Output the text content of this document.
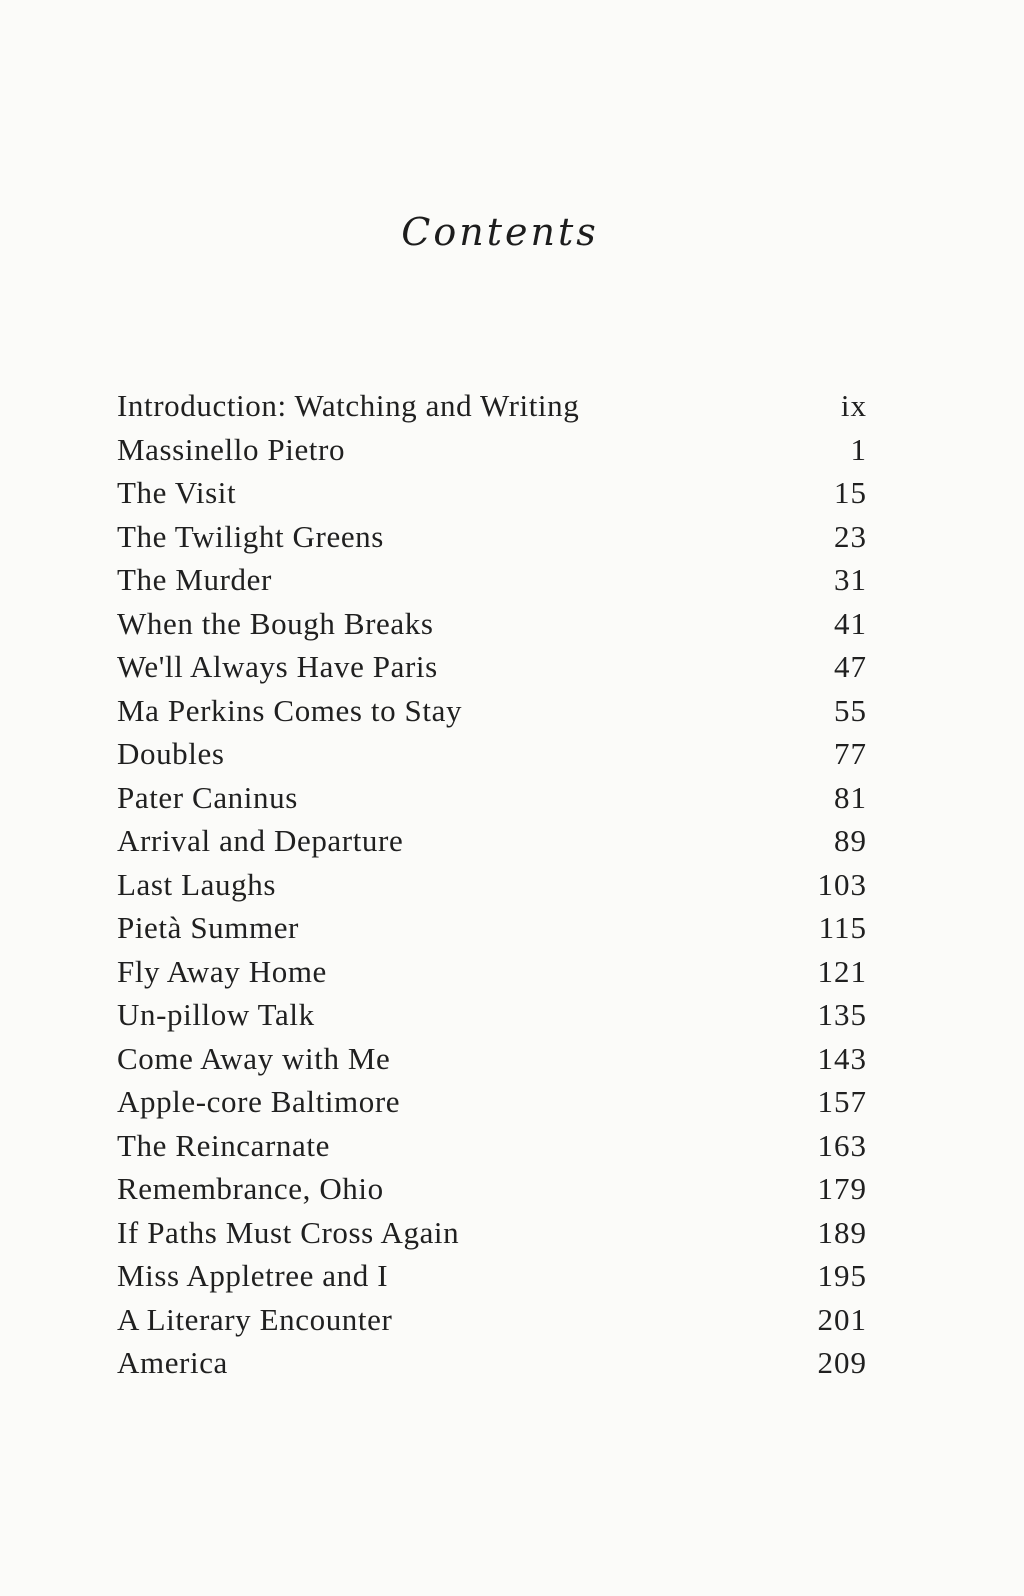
Contents
Introduction: Watching and Writing	ix
Massinello Pietro	1
The Visit	15
The Twilight Greens	23
The Murder	31
When the Bough Breaks	41
We'll Always Have Paris	47
Ma Perkins Comes to Stay	55
Doubles	77
Pater Caninus	81
Arrival and Departure	89
Last Laughs	103
Pietà Summer	115
Fly Away Home	121
Un-pillow Talk	135
Come Away with Me	143
Apple-core Baltimore	157
The Reincarnate	163
Remembrance, Ohio	179
If Paths Must Cross Again	189
Miss Appletree and I	195
A Literary Encounter	201
America	209
